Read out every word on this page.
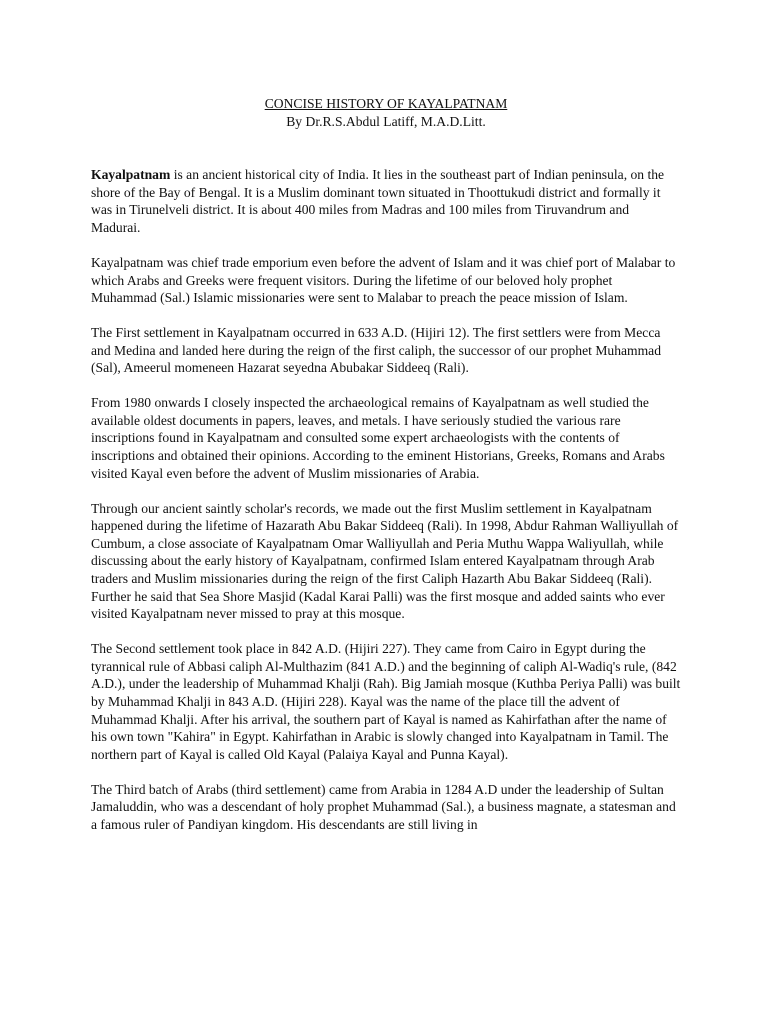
CONCISE HISTORY OF KAYALPATNAM
By Dr.R.S.Abdul Latiff, M.A.D.Litt.

Kayalpatnam is an ancient historical city of India. It lies in the southeast part of Indian peninsula, on the shore of the Bay of Bengal. It is a Muslim dominant town situated in Thoottukudi district and formally it was in Tirunelveli district. It is about 400 miles from Madras and 100 miles from Tiruvandrum and Madurai.

Kayalpatnam was chief trade emporium even before the advent of Islam and it was chief port of Malabar to which Arabs and Greeks were frequent visitors. During the lifetime of our beloved holy prophet Muhammad (Sal.) Islamic missionaries were sent to Malabar to preach the peace mission of Islam.

The First settlement in Kayalpatnam occurred in 633 A.D. (Hijiri 12). The first settlers were from Mecca and Medina and landed here during the reign of the first caliph, the successor of our prophet Muhammad (Sal), Ameerul momeneen Hazarat seyedna Abubakar Siddeeq (Rali).

From 1980 onwards I closely inspected the archaeological remains of Kayalpatnam as well studied the available oldest documents in papers, leaves, and metals. I have seriously studied the various rare inscriptions found in Kayalpatnam and consulted some expert archaeologists with the contents of inscriptions and obtained their opinions. According to the eminent Historians, Greeks, Romans and Arabs visited Kayal even before the advent of Muslim missionaries of Arabia.

Through our ancient saintly scholar's records, we made out the first Muslim settlement in Kayalpatnam happened during the lifetime of Hazarath Abu Bakar Siddeeq (Rali). In 1998, Abdur Rahman Walliyullah of Cumbum, a close associate of Kayalpatnam Omar Walliyullah and Peria Muthu Wappa Waliyullah, while discussing about the early history of Kayalpatnam, confirmed Islam entered Kayalpatnam through Arab traders and Muslim missionaries during the reign of the first Caliph Hazarth Abu Bakar Siddeeq (Rali). Further he said that Sea Shore Masjid (Kadal Karai Palli) was the first mosque and added saints who ever visited Kayalpatnam never missed to pray at this mosque.

The Second settlement took place in 842 A.D. (Hijiri 227). They came from Cairo in Egypt during the tyrannical rule of Abbasi caliph Al-Multhazim (841 A.D.) and the beginning of caliph Al-Wadiq's rule, (842 A.D.), under the leadership of Muhammad Khalji (Rah). Big Jamiah mosque (Kuthba Periya Palli) was built by Muhammad Khalji in 843 A.D. (Hijiri 228). Kayal was the name of the place till the advent of Muhammad Khalji. After his arrival, the southern part of Kayal is named as Kahirfathan after the name of his own town "Kahira" in Egypt. Kahirfathan in Arabic is slowly changed into Kayalpatnam in Tamil. The northern part of Kayal is called Old Kayal (Palaiya Kayal and Punna Kayal).

The Third batch of Arabs (third settlement) came from Arabia in 1284 A.D under the leadership of Sultan Jamaluddin, who was a descendant of holy prophet Muhammad (Sal.), a business magnate, a statesman and a famous ruler of Pandiyan kingdom. His descendants are still living in
